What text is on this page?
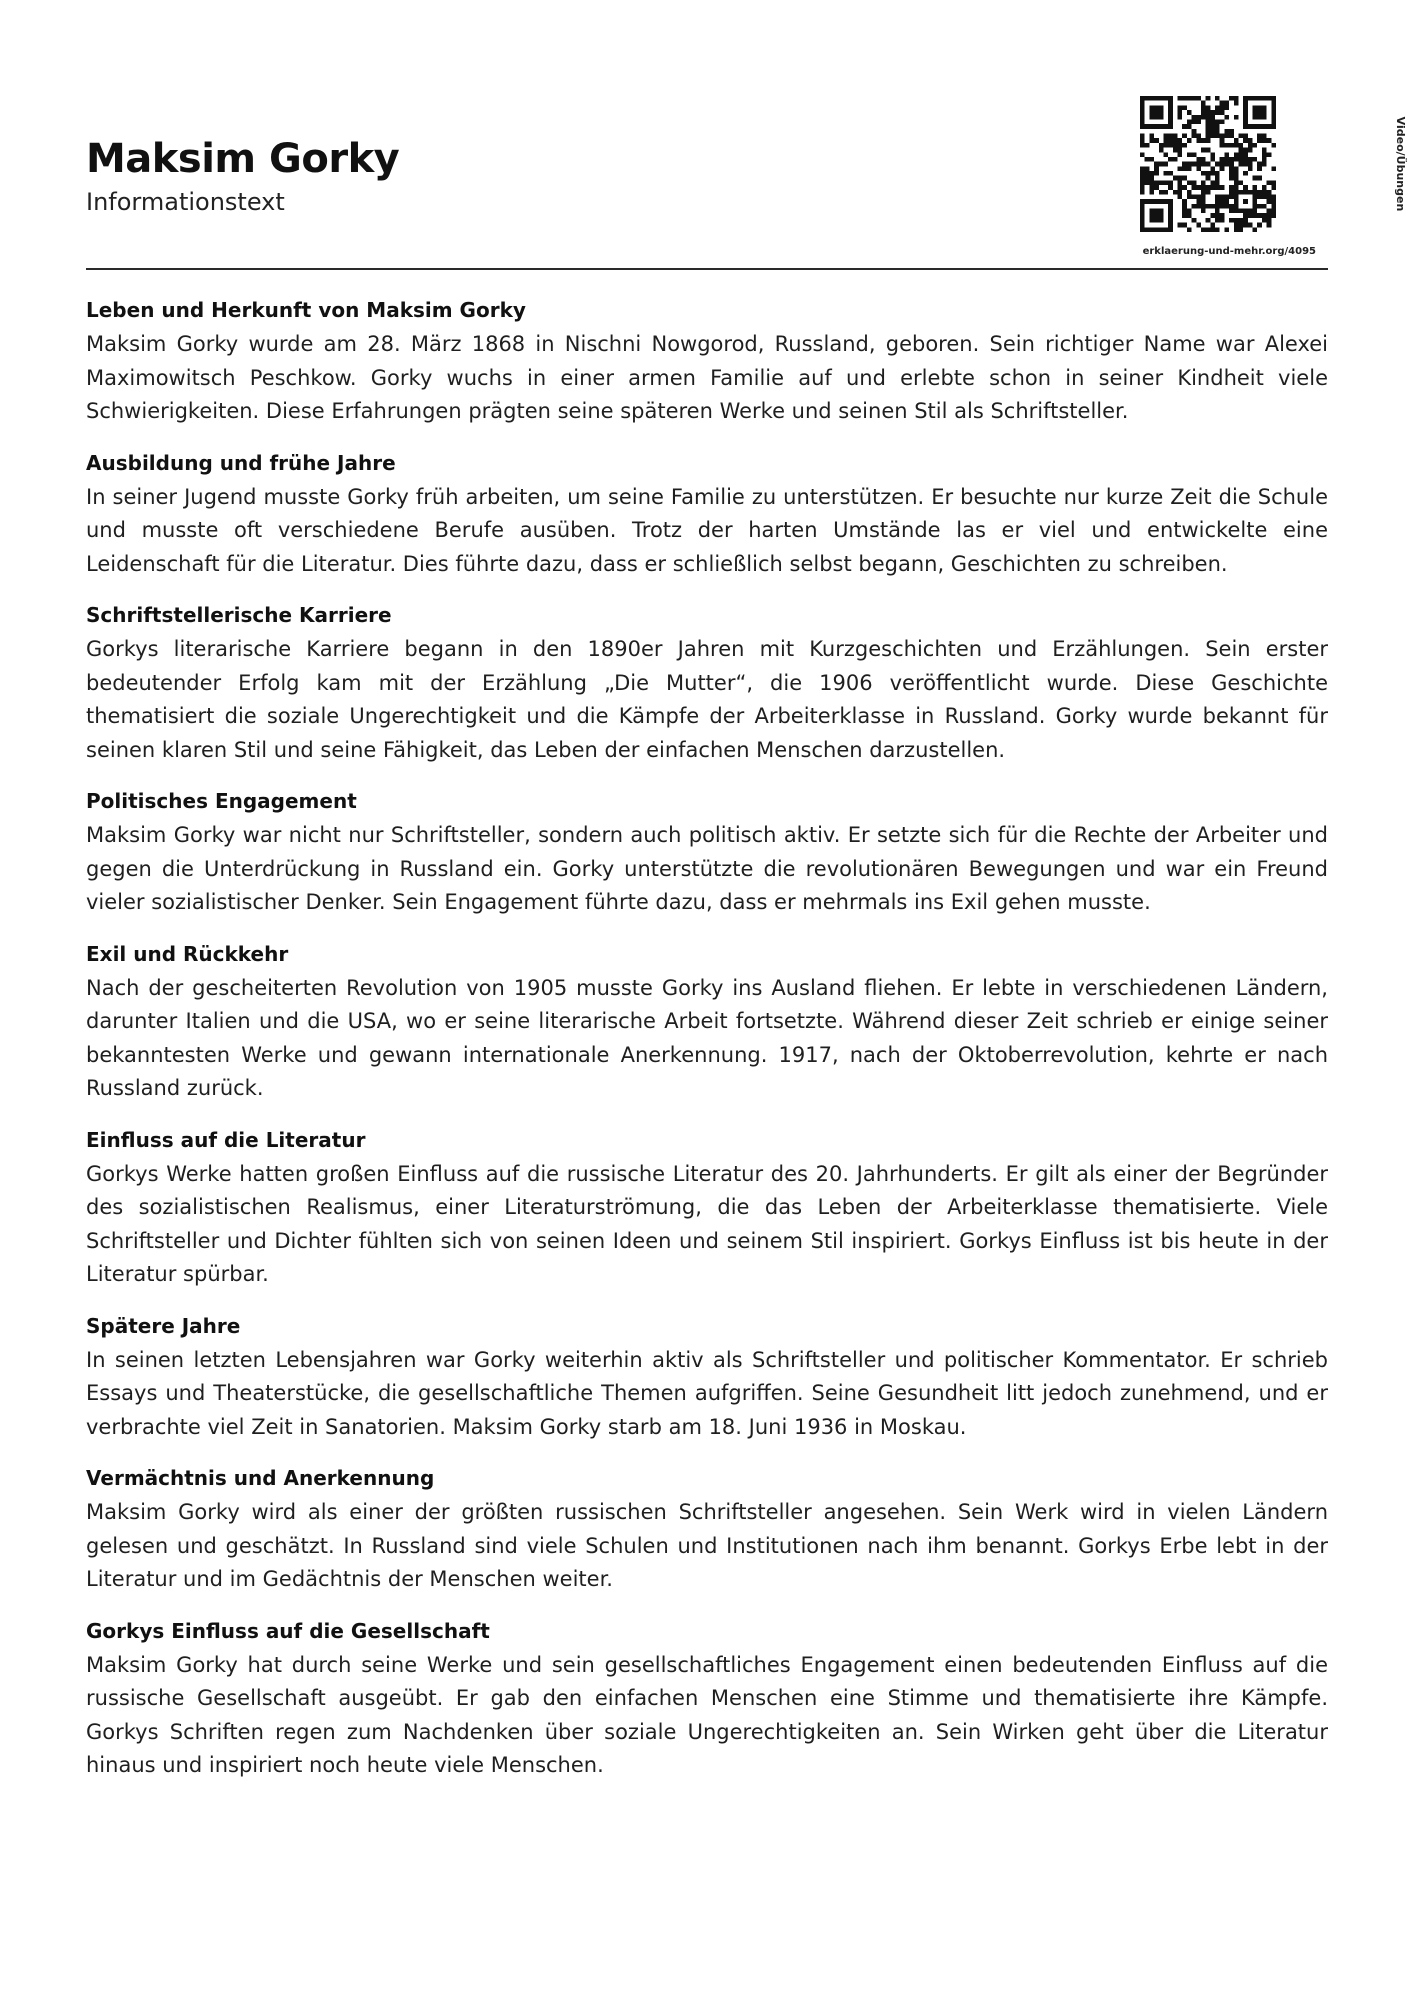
Maksim Gorky
Informationstext	Video/Übungen
erklaerung-und-mehr.org/4095
Leben und Herkunft von Maksim Gorky

Maksim Gorky wurde am 28. März 1868 in Nischni Nowgorod, Russland, geboren. Sein richtiger Name war Alexei Maximowitsch Peschkow. Gorky wuchs in einer armen Familie auf und erlebte schon in seiner Kindheit viele Schwierigkeiten. Diese Erfahrungen prägten seine späteren Werke und seinen Stil als Schriftsteller.

Ausbildung und frühe Jahre

In seiner Jugend musste Gorky früh arbeiten, um seine Familie zu unterstützen. Er besuchte nur kurze Zeit die Schule und musste oft verschiedene Berufe ausüben. Trotz der harten Umstände las er viel und entwickelte eine Leidenschaft für die Literatur. Dies führte dazu, dass er schließlich selbst begann, Geschichten zu schreiben.

Schriftstellerische Karriere

Gorkys literarische Karriere begann in den 1890er Jahren mit Kurzgeschichten und Erzählungen. Sein erster bedeutender Erfolg kam mit der Erzählung „Die Mutter“, die 1906 veröffentlicht wurde. Diese Geschichte thematisiert die soziale Ungerechtigkeit und die Kämpfe der Arbeiterklasse in Russland. Gorky wurde bekannt für seinen klaren Stil und seine Fähigkeit, das Leben der einfachen Menschen darzustellen.

Politisches Engagement

Maksim Gorky war nicht nur Schriftsteller, sondern auch politisch aktiv. Er setzte sich für die Rechte der Arbeiter und gegen die Unterdrückung in Russland ein. Gorky unterstützte die revolutionären Bewegungen und war ein Freund vieler sozialistischer Denker. Sein Engagement führte dazu, dass er mehrmals ins Exil gehen musste.

Exil und Rückkehr

Nach der gescheiterten Revolution von 1905 musste Gorky ins Ausland fliehen. Er lebte in verschiedenen Ländern, darunter Italien und die USA, wo er seine literarische Arbeit fortsetzte. Während dieser Zeit schrieb er einige seiner bekanntesten Werke und gewann internationale Anerkennung. 1917, nach der Oktoberrevolution, kehrte er nach Russland zurück.

Einfluss auf die Literatur

Gorkys Werke hatten großen Einfluss auf die russische Literatur des 20. Jahrhunderts. Er gilt als einer der Begründer des sozialistischen Realismus, einer Literaturströmung, die das Leben der Arbeiterklasse thematisierte. Viele Schriftsteller und Dichter fühlten sich von seinen Ideen und seinem Stil inspiriert. Gorkys Einfluss ist bis heute in der Literatur spürbar.

Spätere Jahre

In seinen letzten Lebensjahren war Gorky weiterhin aktiv als Schriftsteller und politischer Kommentator. Er schrieb Essays und Theaterstücke, die gesellschaftliche Themen aufgriffen. Seine Gesundheit litt jedoch zunehmend, und er verbrachte viel Zeit in Sanatorien. Maksim Gorky starb am 18. Juni 1936 in Moskau.

Vermächtnis und Anerkennung

Maksim Gorky wird als einer der größten russischen Schriftsteller angesehen. Sein Werk wird in vielen Ländern gelesen und geschätzt. In Russland sind viele Schulen und Institutionen nach ihm benannt. Gorkys Erbe lebt in der Literatur und im Gedächtnis der Menschen weiter.

Gorkys Einfluss auf die Gesellschaft

Maksim Gorky hat durch seine Werke und sein gesellschaftliches Engagement einen bedeutenden Einfluss auf die russische Gesellschaft ausgeübt. Er gab den einfachen Menschen eine Stimme und thematisierte ihre Kämpfe. Gorkys Schriften regen zum Nachdenken über soziale Ungerechtigkeiten an. Sein Wirken geht über die Literatur hinaus und inspiriert noch heute viele Menschen.
